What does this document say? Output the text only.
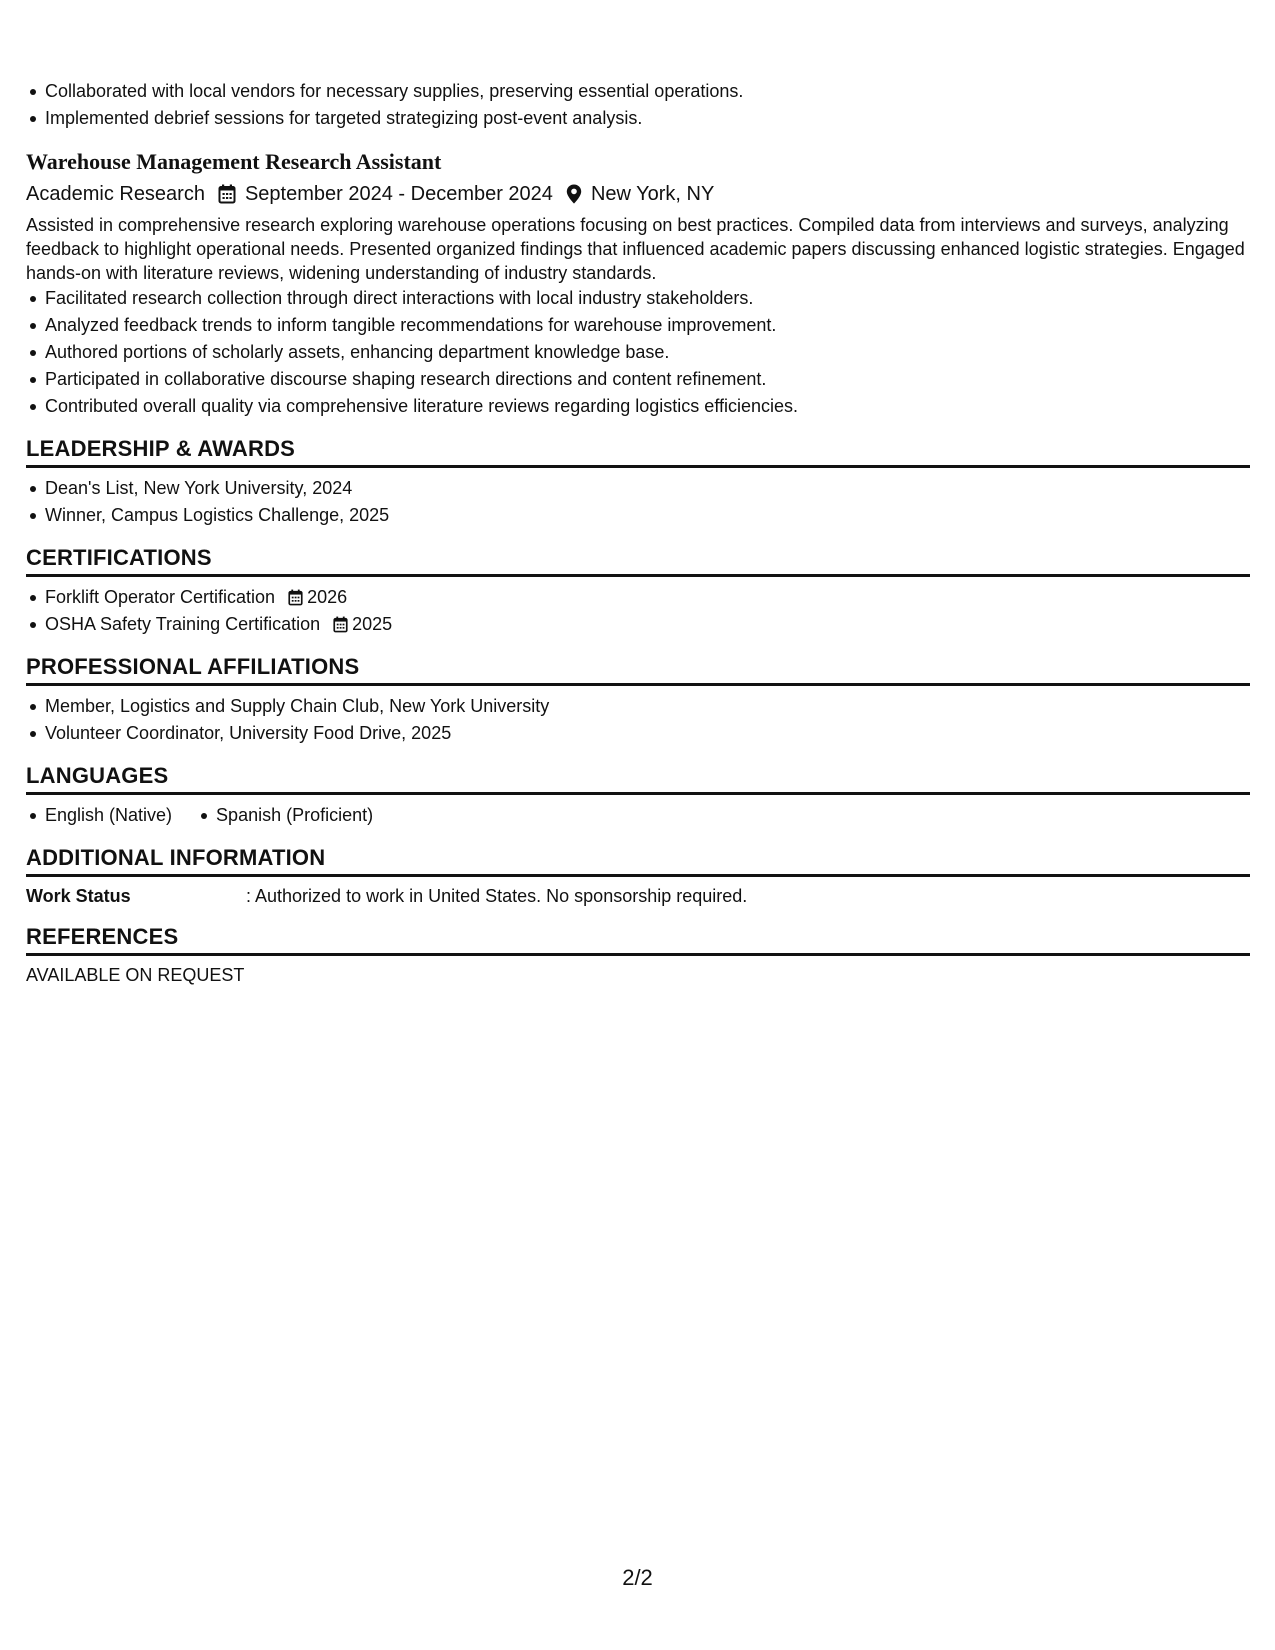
Collaborated with local vendors for necessary supplies, preserving essential operations.
Implemented debrief sessions for targeted strategizing post-event analysis.
Warehouse Management Research Assistant
Academic Research September 2024 - December 2024 New York, NY
Assisted in comprehensive research exploring warehouse operations focusing on best practices. Compiled data from interviews and surveys, analyzing feedback to highlight operational needs. Presented organized findings that influenced academic papers discussing enhanced logistic strategies. Engaged hands-on with literature reviews, widening understanding of industry standards.
Facilitated research collection through direct interactions with local industry stakeholders.
Analyzed feedback trends to inform tangible recommendations for warehouse improvement.
Authored portions of scholarly assets, enhancing department knowledge base.
Participated in collaborative discourse shaping research directions and content refinement.
Contributed overall quality via comprehensive literature reviews regarding logistics efficiencies.
LEADERSHIP & AWARDS
Dean's List, New York University, 2024
Winner, Campus Logistics Challenge, 2025
CERTIFICATIONS
Forklift Operator Certification 2026
OSHA Safety Training Certification 2025
PROFESSIONAL AFFILIATIONS
Member, Logistics and Supply Chain Club, New York University
Volunteer Coordinator, University Food Drive, 2025
LANGUAGES
English (Native) Spanish (Proficient)
ADDITIONAL INFORMATION
Work Status	: Authorized to work in United States. No sponsorship required.
REFERENCES
AVAILABLE ON REQUEST
2/2
